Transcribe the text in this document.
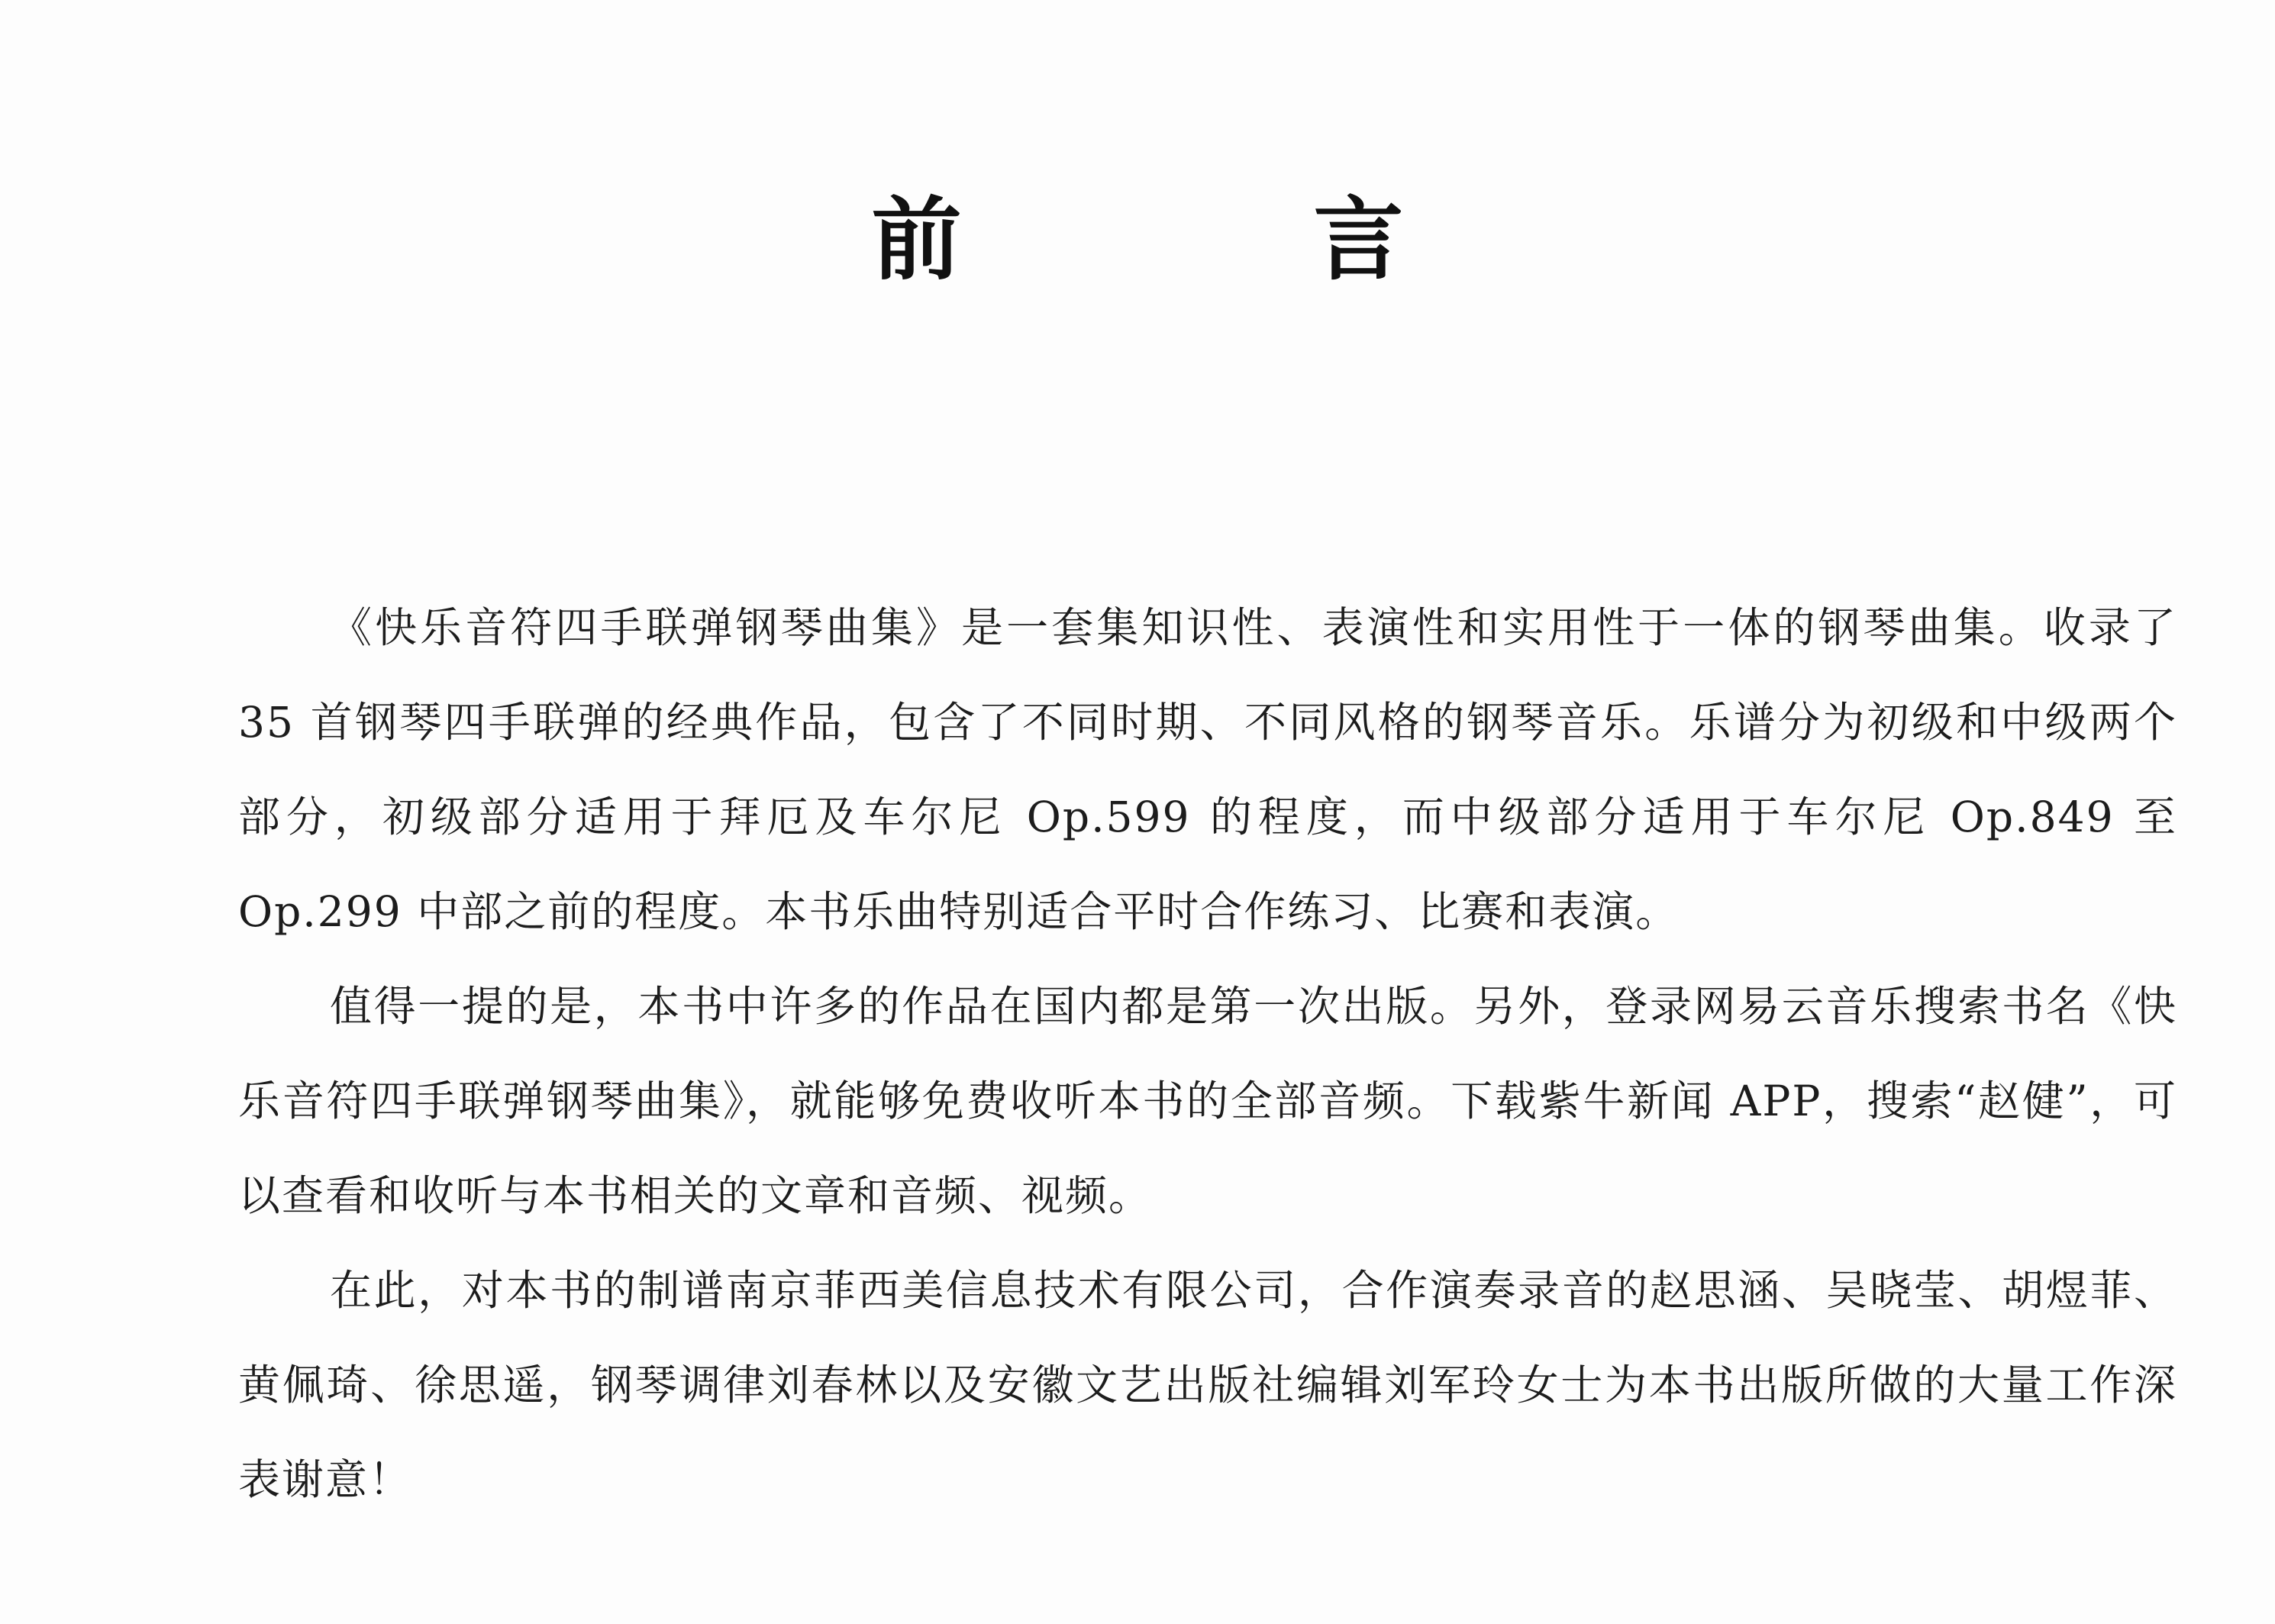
前 言

《快乐音符四手联弹钢琴曲集》是一套集知识性、表演性和实用性于一体的钢琴曲集。收录了 35 首钢琴四手联弹的经典作品，包含了不同时期、不同风格的钢琴音乐。乐谱分为初级和中级两个部分，初级部分适用于拜厄及车尔尼 Op.599 的程度，而中级部分适用于车尔尼 Op.849 至 Op.299 中部之前的程度。本书乐曲特别适合平时合作练习、比赛和表演。

值得一提的是，本书中许多的作品在国内都是第一次出版。另外，登录网易云音乐搜索书名《快乐音符四手联弹钢琴曲集》，就能够免费收听本书的全部音频。下载紫牛新闻 APP，搜索“赵健”，可以查看和收听与本书相关的文章和音频、视频。

在此，对本书的制谱南京菲西美信息技术有限公司，合作演奏录音的赵思涵、吴晓莹、胡煜菲、黄佩琦、徐思遥，钢琴调律刘春林以及安徽文艺出版社编辑刘军玲女士为本书出版所做的大量工作深表谢意！
